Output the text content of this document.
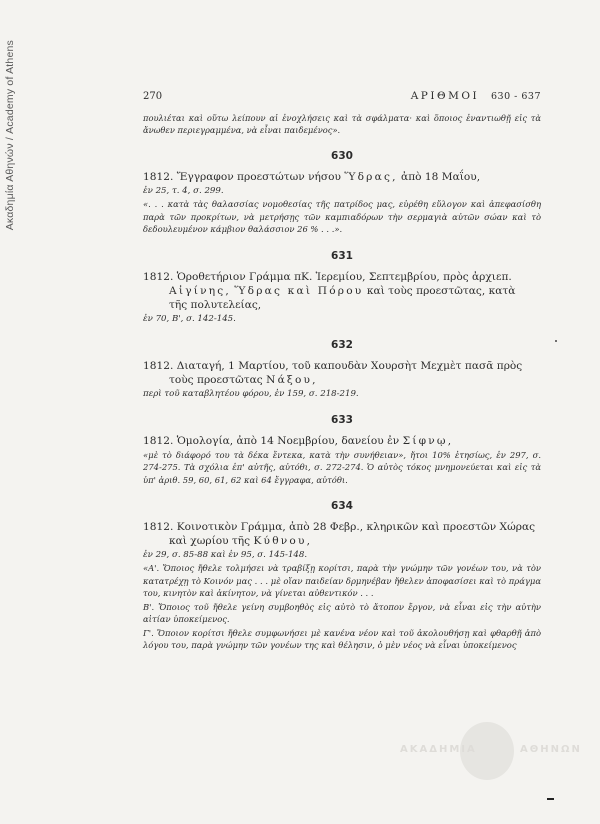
Ακαδημία Αθηνών / Academy of Athens	270	ΑΡΙΘΜΟΙ 630 - 637
πουλιέται καὶ οὕτω λείπουν αἱ ἐνοχλήσεις καὶ τὰ σφάλματα· καὶ ὅποιος ἐναντιωθῇ εἰς τὰ ἄνωθεν περιεγραμμένα, νὰ εἶναι παιδεμένος».
630
1812. Ἔγγραφον προεστώτων νήσου Ὕδρας, ἀπὸ 18 Μαΐου,
ἐν 25, τ. 4, σ. 299.
«. . . κατὰ τὰς θαλασσίας νομοθεσίας τῆς πατρίδος μας, εὑρέθη εὔλογον καὶ ἀπεφασίσθη παρὰ τῶν προκρίτων, νὰ μετρήσῃς τῶν καμπιαδόρων τὴν σερμαγιὰ αὐτῶν σώαν καὶ τὸ δεδουλευμένον κάμβιον θαλάσσιον 26 % . . .».
631
1812. Ὁροθετήριον Γράμμα πΚ. Ἱερεμίου, Σεπτεμβρίου, πρὸς ἀρχιεπ.
Αἰγίνης, Ὕδρας καὶ Πόρου καὶ τοὺς προεστῶτας, κατὰ
τῆς πολυτελείας,
ἐν 70, Β', σ. 142-145.
632
1812. Διαταγή, 1 Μαρτίου, τοῦ καπουδὰν Χουρσὴτ Μεχμὲτ πασᾶ πρὸς
τοὺς προεστῶτας Νάξου,
περὶ τοῦ καταβλητέου φόρου, ἐν 159, σ. 218-219.
633
1812. Ὁμολογία, ἀπὸ 14 Νοεμβρίου, δανείου ἐν Σίφνῳ,
«μὲ τὸ διάφορό του τὰ δέκα ἔντεκα, κατὰ τὴν συνήθειαν», ἤτοι 10% ἐτησίως, ἐν 297, σ. 274-275. Τὰ σχόλια ἐπ' αὐτῆς, αὐτόθι, σ. 272-274. Ὁ αὐτὸς τόκος μνημονεύεται καὶ εἰς τὰ ὑπ' ἀριθ. 59, 60, 61, 62 καὶ 64 ἔγγραφα, αὐτόθι.
634
1812. Κοινοτικὸν Γράμμα, ἀπὸ 28 Φεβρ., κληρικῶν καὶ προεστῶν Χώρας
καὶ χωρίου τῆς Κύθνου,
ἐν 29, σ. 85-88 καὶ ἐν 95, σ. 145-148.
«Α'. Ὅποιος ἤθελε τολμήσει νὰ τραβίξῃ κορίτσι, παρὰ τὴν γνώμην τῶν γονέων του, νὰ τὸν κατατρέχῃ τὸ Κοινόν μας . . . μὲ οἵαν παιδείαν δρμηνέβαν ἤθελεν ἀποφασίσει καὶ τὸ πράγμα του, κινητὸν καὶ ἀκίνητον, νὰ γίνεται αὐθεντικόν . . .
Β'. Ὅποιος τοῦ ἤθελε γείνη συμβοηθὸς εἰς αὐτὸ τὸ ἄτοπον ἔργον, νὰ εἶναι εἰς τὴν αὐτὴν αἰτίαν ὑποκείμενος.
Γ'. Ὅποιον κορίτσι ἤθελε συμφωνήσει μὲ κανένα νέον καὶ τοῦ ἀκολουθήσῃ καὶ φθαρθῇ ἀπὸ λόγου του, παρὰ γνώμην τῶν γονέων της καὶ θέλησιν, ὁ μὲν νέος νὰ εἶναι ὑποκείμενος
ΑΚΑΔΗΜΙΑ	ΑΘΗΝΩΝ
